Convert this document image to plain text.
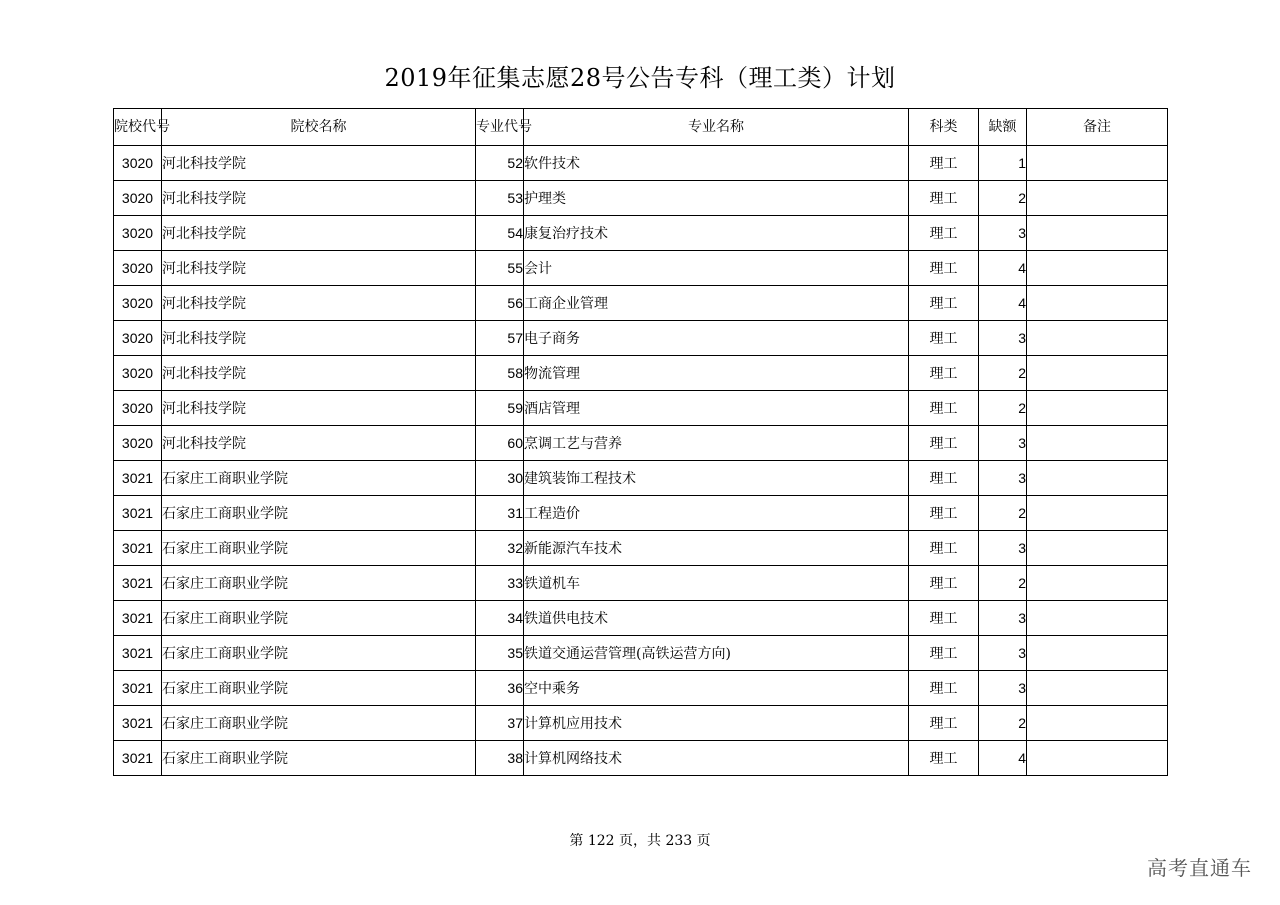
2019年征集志愿28号公告专科（理工类）计划
院校代号	院校名称	专业代号	专业名称	科类	缺额	备注
3020	河北科技学院	52	软件技术	理工	1	
3020	河北科技学院	53	护理类	理工	2	
3020	河北科技学院	54	康复治疗技术	理工	3	
3020	河北科技学院	55	会计	理工	4	
3020	河北科技学院	56	工商企业管理	理工	4	
3020	河北科技学院	57	电子商务	理工	3	
3020	河北科技学院	58	物流管理	理工	2	
3020	河北科技学院	59	酒店管理	理工	2	
3020	河北科技学院	60	烹调工艺与营养	理工	3	
3021	石家庄工商职业学院	30	建筑装饰工程技术	理工	3	
3021	石家庄工商职业学院	31	工程造价	理工	2	
3021	石家庄工商职业学院	32	新能源汽车技术	理工	3	
3021	石家庄工商职业学院	33	铁道机车	理工	2	
3021	石家庄工商职业学院	34	铁道供电技术	理工	3	
3021	石家庄工商职业学院	35	铁道交通运营管理(高铁运营方向)	理工	3	
3021	石家庄工商职业学院	36	空中乘务	理工	3	
3021	石家庄工商职业学院	37	计算机应用技术	理工	2	
3021	石家庄工商职业学院	38	计算机网络技术	理工	4	
第 122 页，共 233 页
高考直通车
